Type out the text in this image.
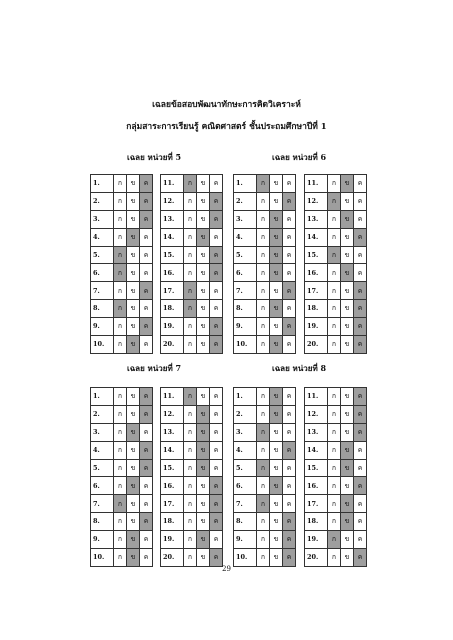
เฉลยข้อสอบพัฒนาทักษะการคิดวิเคราะห์
กลุ่มสาระการเรียนรู้ คณิตศาสตร์ ชั้นประถมศึกษาปีที่ 1
เฉลย หน่วยที่ 5	เฉลย หน่วยที่ 6
เฉลย หน่วยที่ 7	เฉลย หน่วยที่ 8
1.	ก	ข	ค
2.	ก	ข	ค
3.	ก	ข	ค
4.	ก	ข	ค
5.	ก	ข	ค
6.	ก	ข	ค
7.	ก	ข	ค
8.	ก	ข	ค
9.	ก	ข	ค
10.	ก	ข	ค
11.	ก	ข	ค
12.	ก	ข	ค
13.	ก	ข	ค
14.	ก	ข	ค
15.	ก	ข	ค
16.	ก	ข	ค
17.	ก	ข	ค
18.	ก	ข	ค
19.	ก	ข	ค
20.	ก	ข	ค
1.	ก	ข	ค
2.	ก	ข	ค
3.	ก	ข	ค
4.	ก	ข	ค
5.	ก	ข	ค
6.	ก	ข	ค
7.	ก	ข	ค
8.	ก	ข	ค
9.	ก	ข	ค
10.	ก	ข	ค
11.	ก	ข	ค
12.	ก	ข	ค
13.	ก	ข	ค
14.	ก	ข	ค
15.	ก	ข	ค
16.	ก	ข	ค
17.	ก	ข	ค
18.	ก	ข	ค
19.	ก	ข	ค
20.	ก	ข	ค
1.	ก	ข	ค
2.	ก	ข	ค
3.	ก	ข	ค
4.	ก	ข	ค
5.	ก	ข	ค
6.	ก	ข	ค
7.	ก	ข	ค
8.	ก	ข	ค
9.	ก	ข	ค
10.	ก	ข	ค
11.	ก	ข	ค
12.	ก	ข	ค
13.	ก	ข	ค
14.	ก	ข	ค
15.	ก	ข	ค
16.	ก	ข	ค
17.	ก	ข	ค
18.	ก	ข	ค
19.	ก	ข	ค
20.	ก	ข	ค
1.	ก	ข	ค
2.	ก	ข	ค
3.	ก	ข	ค
4.	ก	ข	ค
5.	ก	ข	ค
6.	ก	ข	ค
7.	ก	ข	ค
8.	ก	ข	ค
9.	ก	ข	ค
10.	ก	ข	ค
11.	ก	ข	ค
12.	ก	ข	ค
13.	ก	ข	ค
14.	ก	ข	ค
15.	ก	ข	ค
16.	ก	ข	ค
17.	ก	ข	ค
18.	ก	ข	ค
19.	ก	ข	ค
20.	ก	ข	ค
29
